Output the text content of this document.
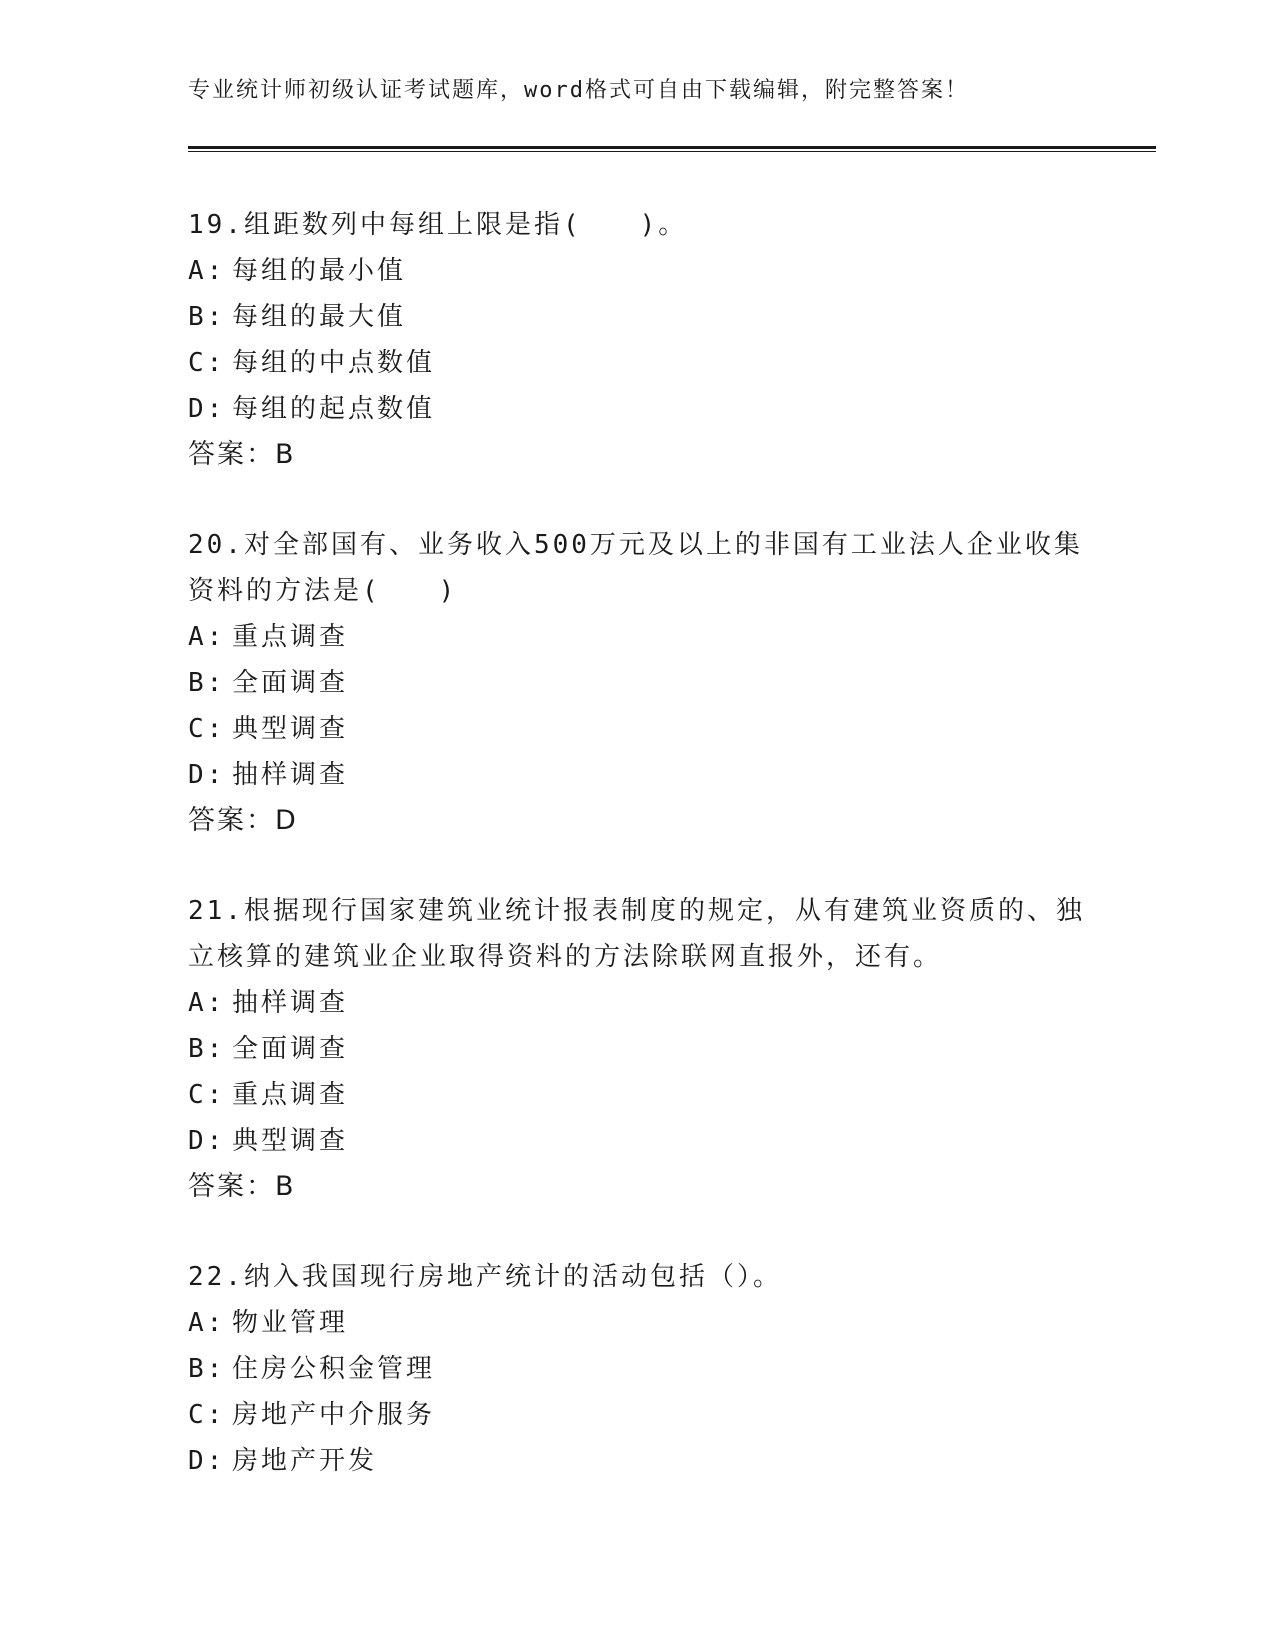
专业统计师初级认证考试题库，word格式可自由下载编辑，附完整答案！

19.组距数列中每组上限是指(　　)。

A: 每组的最小值

B: 每组的最大值

C: 每组的中点数值

D: 每组的起点数值

答案：B

20.对全部国有、业务收入500万元及以上的非国有工业法人企业收集资料的方法是(　　)

A: 重点调查

B: 全面调查

C: 典型调查

D: 抽样调查

答案：D

21.根据现行国家建筑业统计报表制度的规定，从有建筑业资质的、独立核算的建筑业企业取得资料的方法除联网直报外，还有。

A: 抽样调查

B: 全面调查

C: 重点调查

D: 典型调查

答案：B

22.纳入我国现行房地产统计的活动包括（）。

A: 物业管理

B: 住房公积金管理

C: 房地产中介服务

D: 房地产开发
